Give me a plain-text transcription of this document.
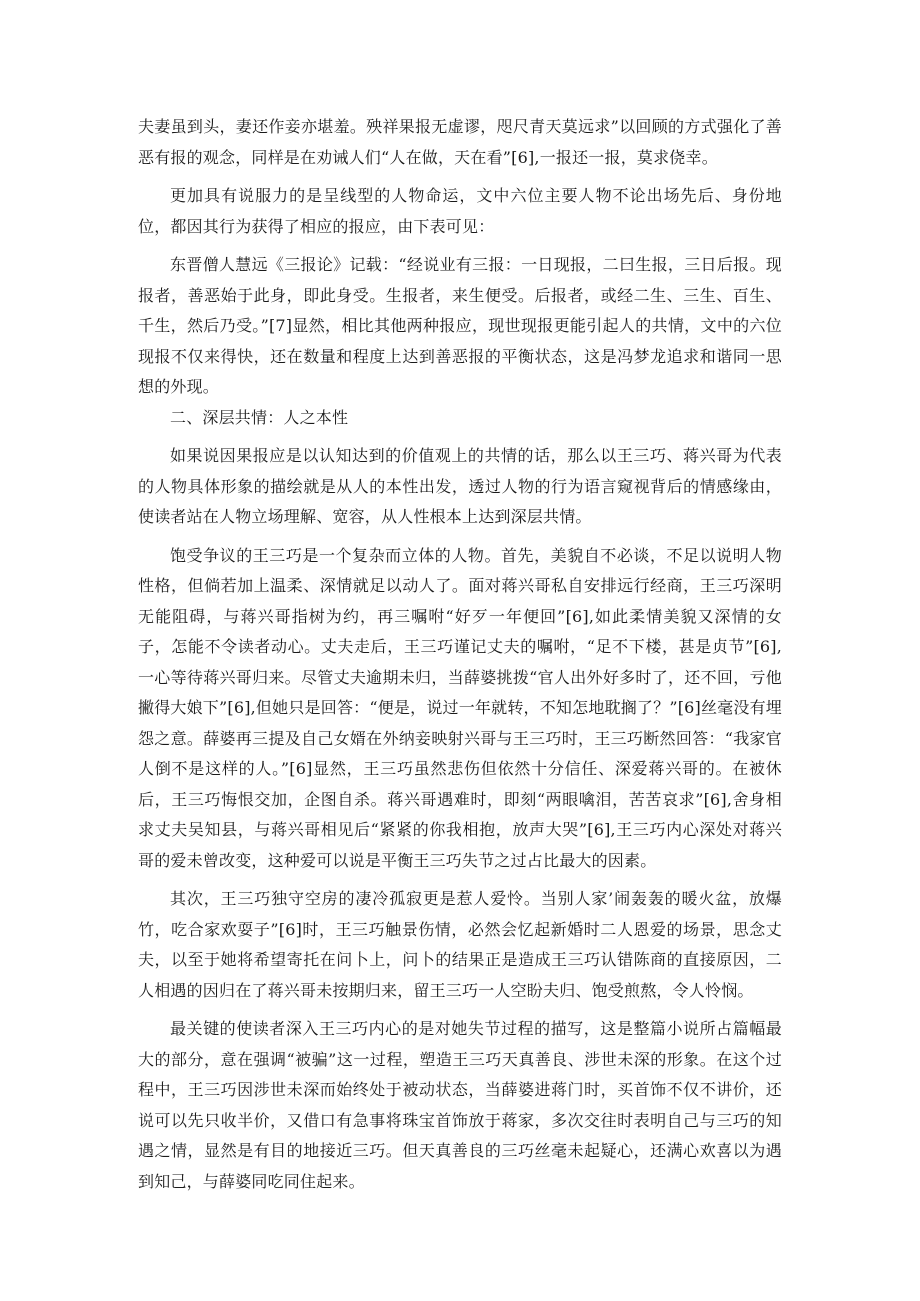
夫妻虽到头，妻还作妾亦堪羞。殃祥果报无虚谬，咫尺青天莫远求”以回顾的方式强化了善恶有报的观念，同样是在劝诫人们“人在做，天在看”[6],一报还一报，莫求侥幸。

更加具有说服力的是呈线型的人物命运，文中六位主要人物不论出场先后、身份地位，都因其行为获得了相应的报应，由下表可见：

东晋僧人慧远《三报论》记载：“经说业有三报：一日现报，二曰生报，三日后报。现报者，善恶始于此身，即此身受。生报者，来生便受。后报者，或经二生、三生、百生、千生，然后乃受。”[7]显然，相比其他两种报应，现世现报更能引起人的共情，文中的六位现报不仅来得快，还在数量和程度上达到善恶报的平衡状态，这是冯梦龙追求和谐同一思想的外现。

二、深层共情：人之本性

如果说因果报应是以认知达到的价值观上的共情的话，那么以王三巧、蒋兴哥为代表的人物具体形象的描绘就是从人的本性出发，透过人物的行为语言窥视背后的情感缘由，使读者站在人物立场理解、宽容，从人性根本上达到深层共情。

饱受争议的王三巧是一个复杂而立体的人物。首先，美貌自不必谈，不足以说明人物性格，但倘若加上温柔、深情就足以动人了。面对蒋兴哥私自安排远行经商，王三巧深明无能阻碍，与蒋兴哥指树为约，再三嘱咐“好歹一年便回”[6],如此柔情美貌又深情的女子，怎能不令读者动心。丈夫走后，王三巧谨记丈夫的嘱咐，“足不下楼，甚是贞节”[6],一心等待蒋兴哥归来。尽管丈夫逾期未归，当薛婆挑拨“官人出外好多时了，还不回，亏他撇得大娘下”[6],但她只是回答：“便是，说过一年就转，不知怎地耽搁了？”[6]丝毫没有埋怨之意。薛婆再三提及自己女婿在外纳妾映射兴哥与王三巧时，王三巧断然回答：“我家官人倒不是这样的人。”[6]显然，王三巧虽然悲伤但依然十分信任、深爱蒋兴哥的。在被休后，王三巧悔恨交加，企图自杀。蒋兴哥遇难时，即刻“两眼噙泪，苦苦哀求”[6],舍身相求丈夫吴知县，与蒋兴哥相见后“紧紧的你我相抱，放声大哭”[6],王三巧内心深处对蒋兴哥的爱未曾改变，这种爱可以说是平衡王三巧失节之过占比最大的因素。

其次，王三巧独守空房的凄冷孤寂更是惹人爱怜。当别人家’闹轰轰的暖火盆，放爆竹，吃合家欢耍子”[6]时，王三巧触景伤情，必然会忆起新婚时二人恩爱的场景，思念丈夫，以至于她将希望寄托在问卜上，问卜的结果正是造成王三巧认错陈商的直接原因，二人相遇的因归在了蒋兴哥未按期归来，留王三巧一人空盼夫归、饱受煎熬，令人怜悯。

最关键的使读者深入王三巧内心的是对她失节过程的描写，这是整篇小说所占篇幅最大的部分，意在强调“被骗”这一过程，塑造王三巧天真善良、涉世未深的形象。在这个过程中，王三巧因涉世未深而始终处于被动状态，当薛婆进蒋门时，买首饰不仅不讲价，还说可以先只收半价，又借口有急事将珠宝首饰放于蒋家，多次交往时表明自己与三巧的知遇之情，显然是有目的地接近三巧。但天真善良的三巧丝毫未起疑心，还满心欢喜以为遇到知己，与薛婆同吃同住起来。
